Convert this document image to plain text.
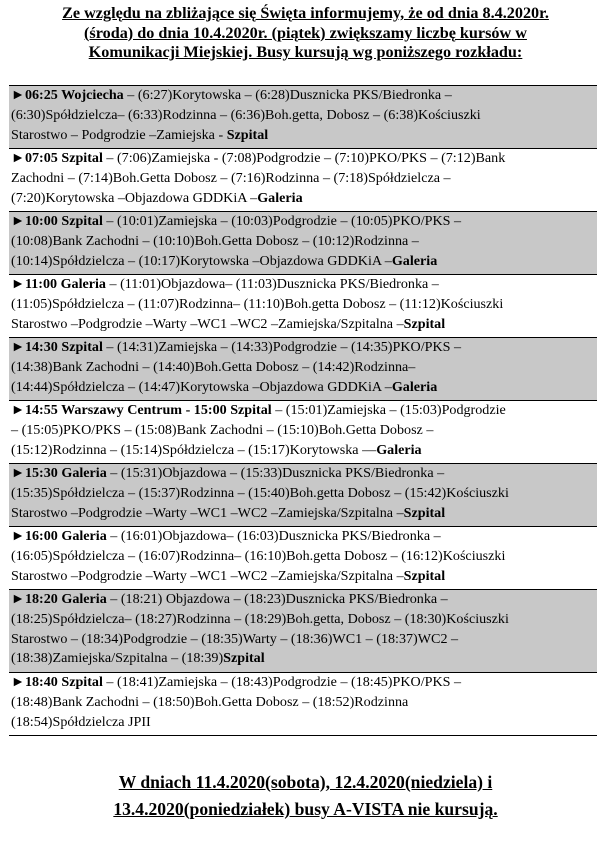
Ze względu na zbliżające się Święta informujemy, że od dnia 8.4.2020r.
(środa) do dnia 10.4.2020r. (piątek) zwiększamy liczbę kursów w
Komunikacji Miejskiej. Busy kursują wg poniższego rozkładu:
►06:25 Wojciecha – (6:27)Korytowska – (6:28)Dusznicka PKS/Biedronka –
(6:30)Spółdzielcza– (6:33)Rodzinna – (6:36)Boh.getta, Dobosz – (6:38)Kościuszki
Starostwo – Podgrodzie –Zamiejska - Szpital
►07:05 Szpital – (7:06)Zamiejska - (7:08)Podgrodzie – (7:10)PKO/PKS – (7:12)Bank
Zachodni – (7:14)Boh.Getta Dobosz – (7:16)Rodzinna – (7:18)Spółdzielcza –
(7:20)Korytowska –Objazdowa GDDKiA –Galeria
►10:00 Szpital – (10:01)Zamiejska – (10:03)Podgrodzie – (10:05)PKO/PKS –
(10:08)Bank Zachodni – (10:10)Boh.Getta Dobosz – (10:12)Rodzinna –
(10:14)Spółdzielcza – (10:17)Korytowska –Objazdowa GDDKiA –Galeria
►11:00 Galeria – (11:01)Objazdowa– (11:03)Dusznicka PKS/Biedronka –
(11:05)Spółdzielcza – (11:07)Rodzinna– (11:10)Boh.getta Dobosz – (11:12)Kościuszki
Starostwo –Podgrodzie –Warty –WC1 –WC2 –Zamiejska/Szpitalna –Szpital
►14:30 Szpital – (14:31)Zamiejska – (14:33)Podgrodzie – (14:35)PKO/PKS –
(14:38)Bank Zachodni – (14:40)Boh.Getta Dobosz – (14:42)Rodzinna–
(14:44)Spółdzielcza – (14:47)Korytowska –Objazdowa GDDKiA –Galeria
►14:55 Warszawy Centrum - 15:00 Szpital – (15:01)Zamiejska – (15:03)Podgrodzie
– (15:05)PKO/PKS – (15:08)Bank Zachodni – (15:10)Boh.Getta Dobosz –
(15:12)Rodzinna – (15:14)Spółdzielcza – (15:17)Korytowska —Galeria
►15:30 Galeria – (15:31)Objazdowa – (15:33)Dusznicka PKS/Biedronka –
(15:35)Spółdzielcza – (15:37)Rodzinna – (15:40)Boh.getta Dobosz – (15:42)Kościuszki
Starostwo –Podgrodzie –Warty –WC1 –WC2 –Zamiejska/Szpitalna –Szpital
►16:00 Galeria – (16:01)Objazdowa– (16:03)Dusznicka PKS/Biedronka –
(16:05)Spółdzielcza – (16:07)Rodzinna– (16:10)Boh.getta Dobosz – (16:12)Kościuszki
Starostwo –Podgrodzie –Warty –WC1 –WC2 –Zamiejska/Szpitalna –Szpital
►18:20 Galeria – (18:21) Objazdowa – (18:23)Dusznicka PKS/Biedronka –
(18:25)Spółdzielcza– (18:27)Rodzinna – (18:29)Boh.getta, Dobosz – (18:30)Kościuszki
Starostwo – (18:34)Podgrodzie – (18:35)Warty – (18:36)WC1 – (18:37)WC2 –
(18:38)Zamiejska/Szpitalna – (18:39)Szpital
►18:40 Szpital – (18:41)Zamiejska – (18:43)Podgrodzie – (18:45)PKO/PKS –
(18:48)Bank Zachodni – (18:50)Boh.Getta Dobosz – (18:52)Rodzinna
(18:54)Spółdzielcza JPII
W dniach 11.4.2020(sobota), 12.4.2020(niedziela) i
13.4.2020(poniedziałek) busy A-VISTA nie kursują.
